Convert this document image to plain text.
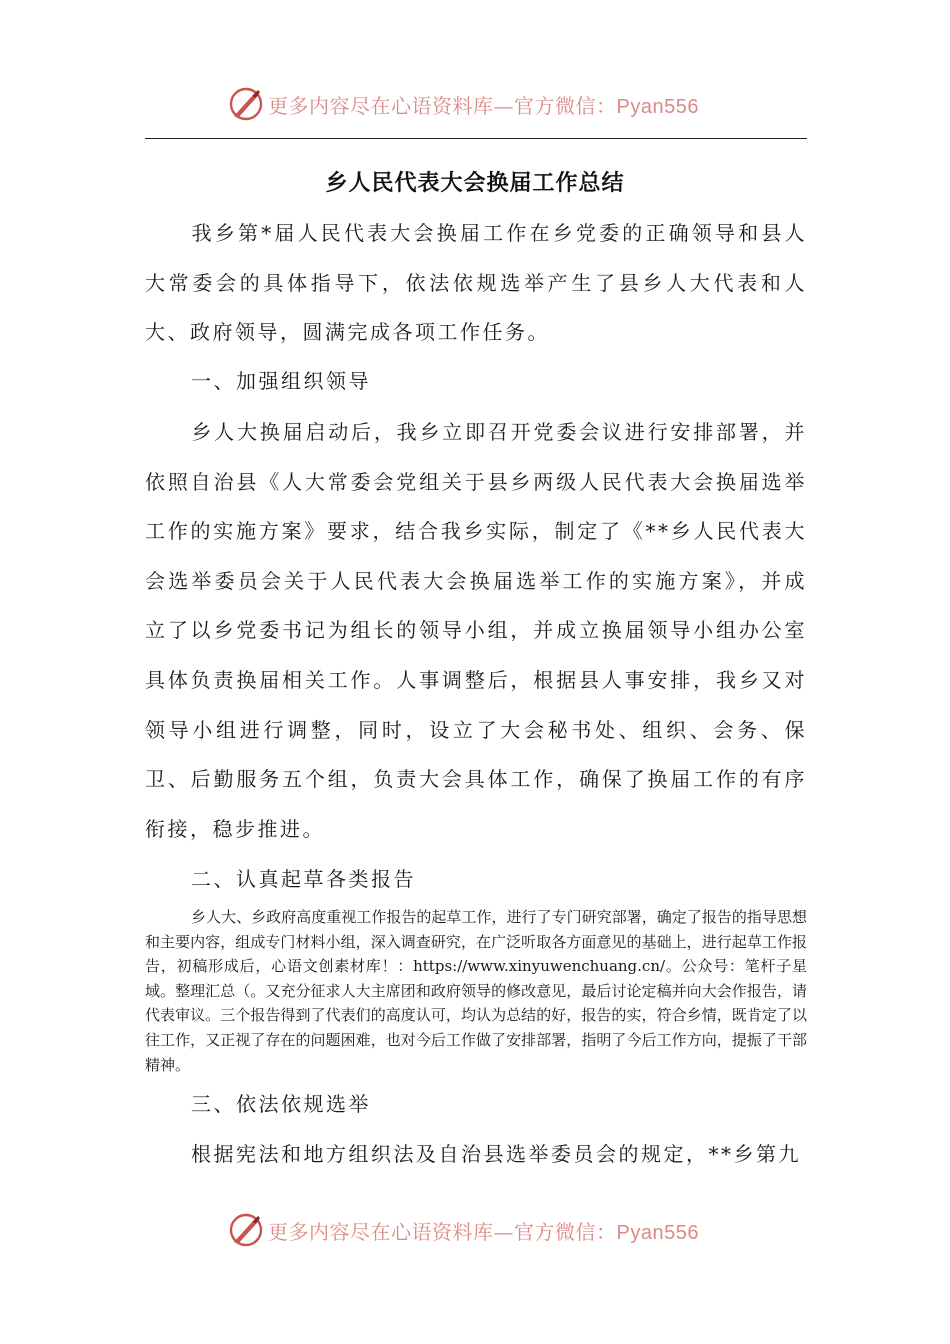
更多内容尽在心语资料库—官方微信：Pyan556
乡人民代表大会换届工作总结

我乡第*届人民代表大会换届工作在乡党委的正确领导和县人大常委会的具体指导下，依法依规选举产生了县乡人大代表和人大、政府领导，圆满完成各项工作任务。

一、加强组织领导

乡人大换届启动后，我乡立即召开党委会议进行安排部署，并依照自治县《人大常委会党组关于县乡两级人民代表大会换届选举工作的实施方案》要求，结合我乡实际，制定了《**乡人民代表大会选举委员会关于人民代表大会换届选举工作的实施方案》，并成立了以乡党委书记为组长的领导小组，并成立换届领导小组办公室具体负责换届相关工作。人事调整后，根据县人事安排，我乡又对领导小组进行调整，同时，设立了大会秘书处、组织、会务、保卫、后勤服务五个组，负责大会具体工作，确保了换届工作的有序衔接，稳步推进。

二、认真起草各类报告

乡人大、乡政府高度重视工作报告的起草工作，进行了专门研究部署，确定了报告的指导思想和主要内容，组成专门材料小组，深入调查研究，在广泛听取各方面意见的基础上，进行起草工作报告，初稿形成后，心语文创素材库！：https://www.xinyuwenchuang.cn/。公众号：笔杆子星域。整理汇总（。又充分征求人大主席团和政府领导的修改意见，最后讨论定稿并向大会作报告，请代表审议。三个报告得到了代表们的高度认可，均认为总结的好，报告的实，符合乡情，既肯定了以往工作，又正视了存在的问题困难，也对今后工作做了安排部署，指明了今后工作方向，提振了干部精神。

三、依法依规选举

根据宪法和地方组织法及自治县选举委员会的规定，**乡第九

更多内容尽在心语资料库—官方微信：Pyan556
